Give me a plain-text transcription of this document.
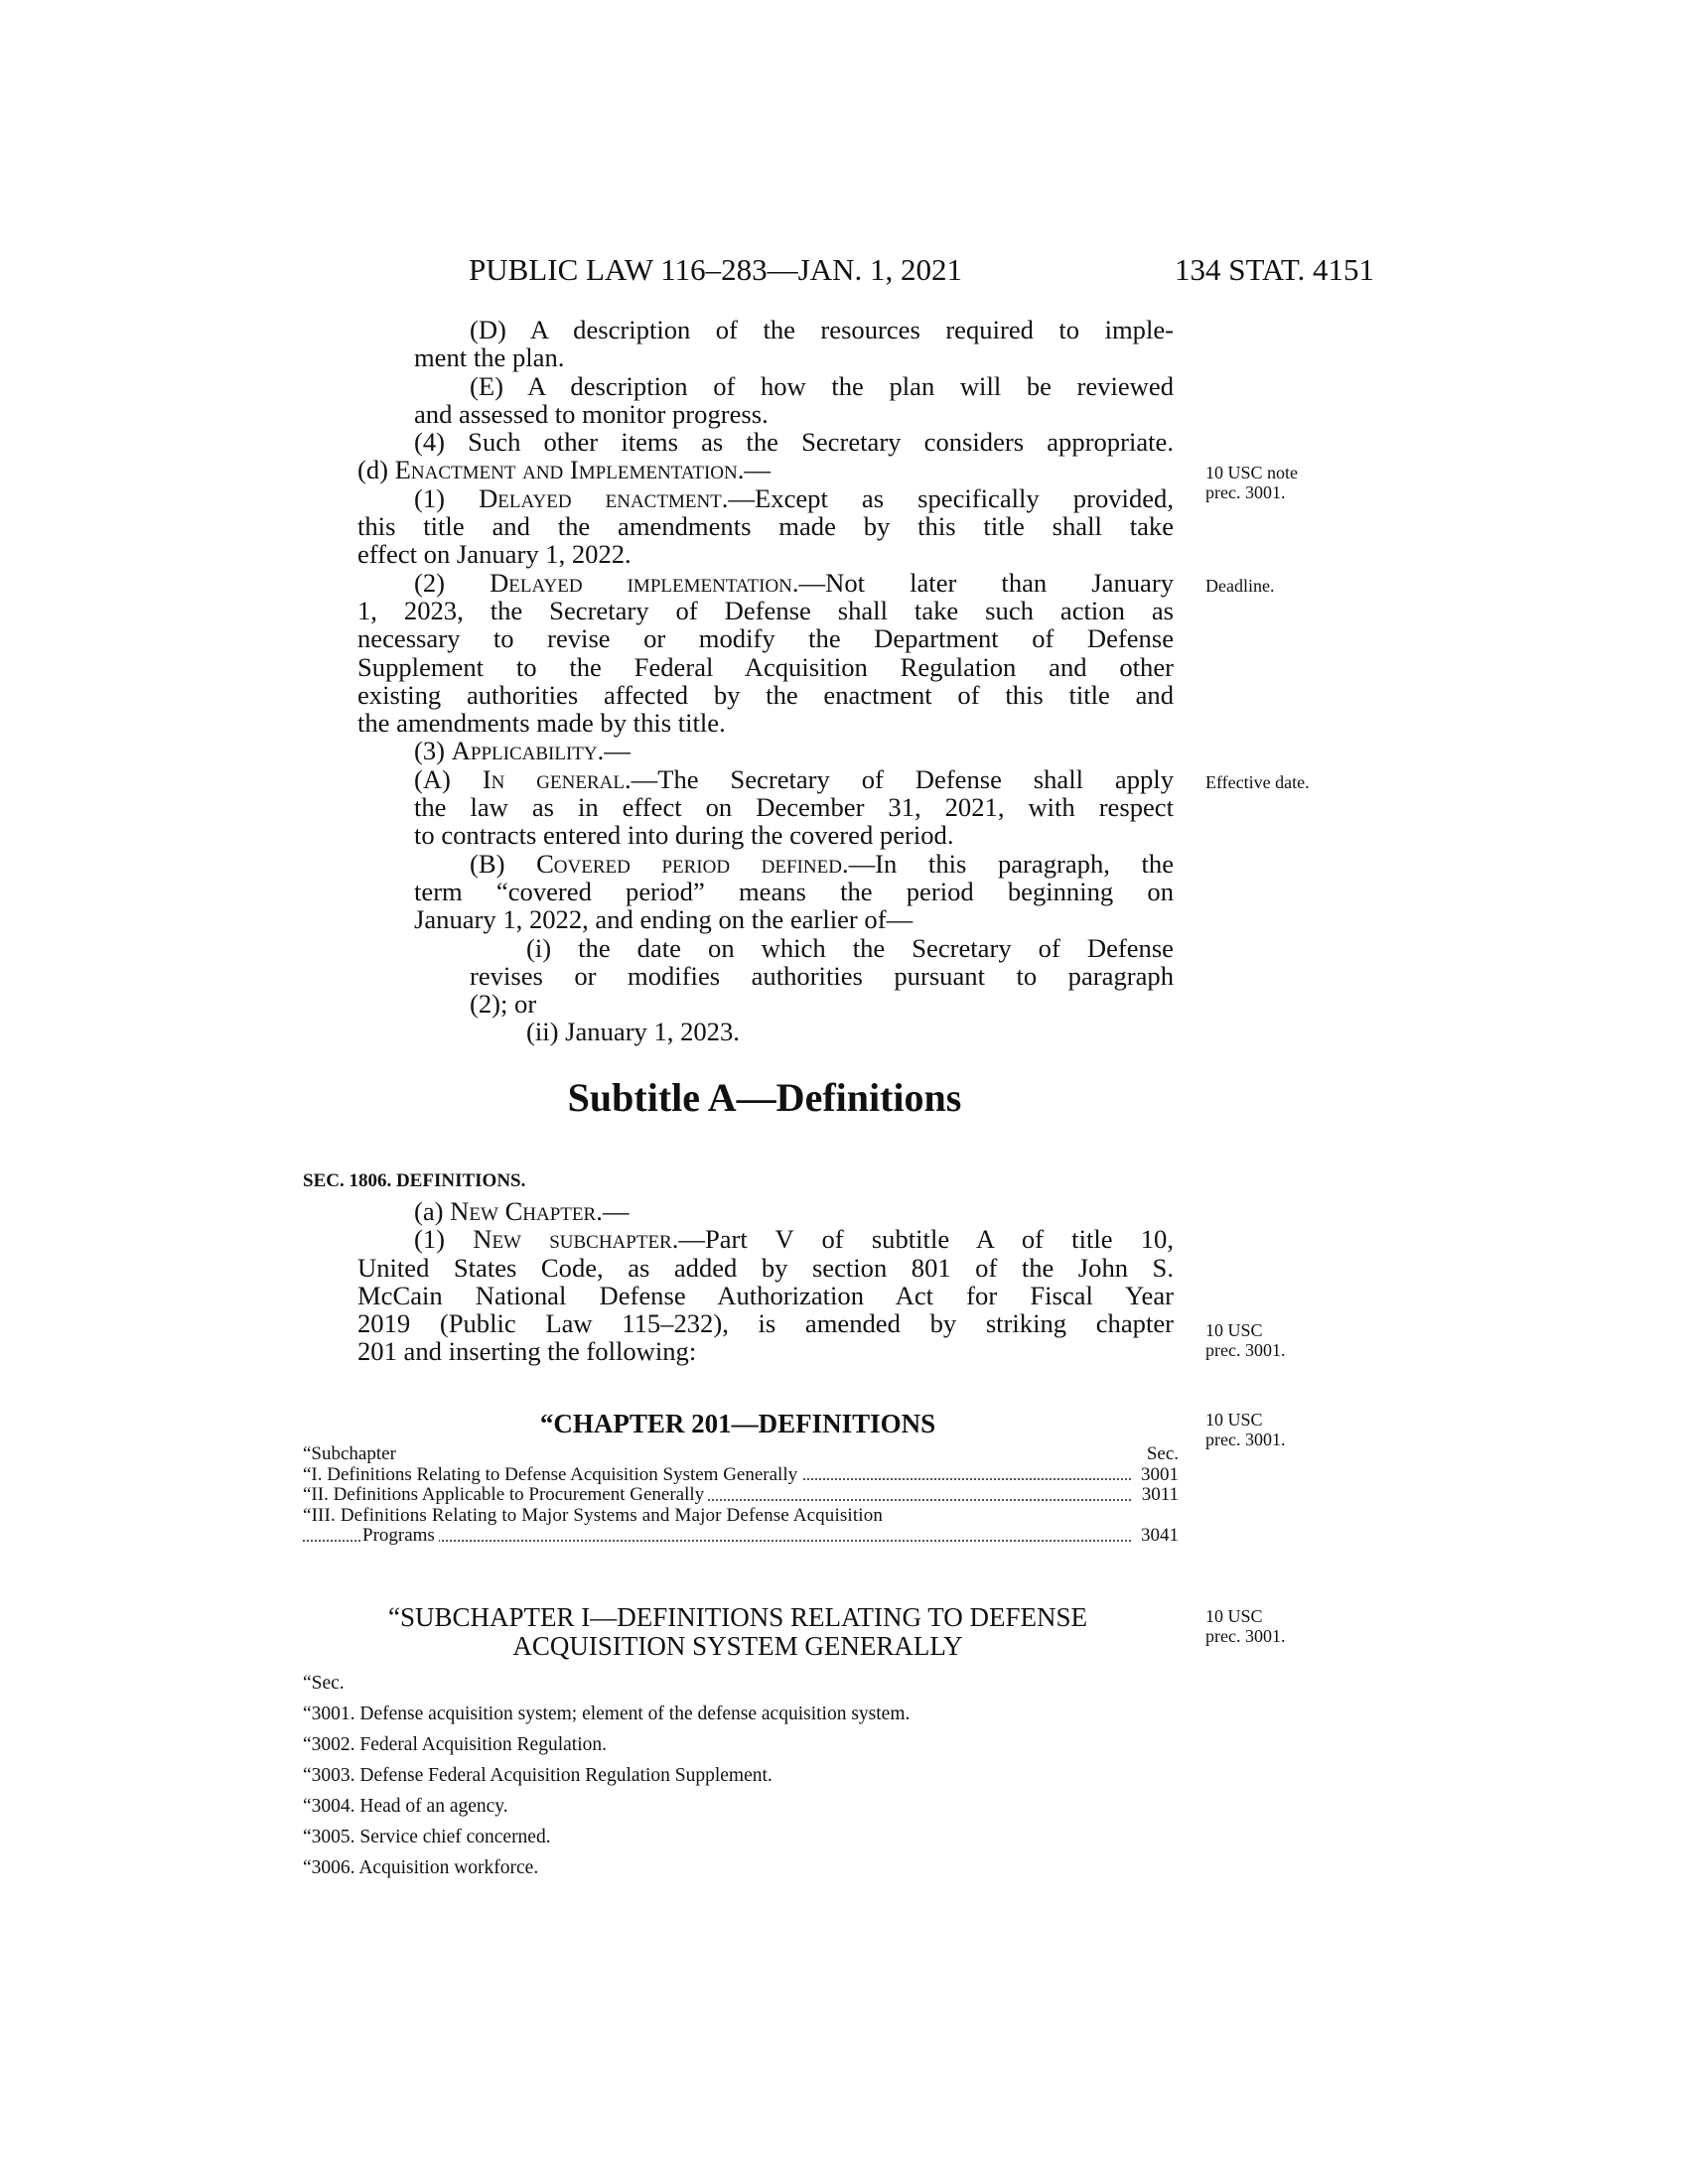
PUBLIC LAW 116–283—JAN. 1, 2021	134 STAT. 4151
(D) A description of the resources required to imple-
ment the plan.
(E) A description of how the plan will be reviewed
and assessed to monitor progress.
(4) Such other items as the Secretary considers appropriate.
(d) Enactment and Implementation.—
(1) Delayed enactment.—Except as specifically provided,
this title and the amendments made by this title shall take
effect on January 1, 2022.
(2) Delayed implementation.—Not later than January
1, 2023, the Secretary of Defense shall take such action as
necessary to revise or modify the Department of Defense
Supplement to the Federal Acquisition Regulation and other
existing authorities affected by the enactment of this title and
the amendments made by this title.
(3) Applicability.—
(A) In general.—The Secretary of Defense shall apply
the law as in effect on December 31, 2021, with respect
to contracts entered into during the covered period.
(B) Covered period defined.—In this paragraph, the
term “covered period” means the period beginning on
January 1, 2022, and ending on the earlier of—
(i) the date on which the Secretary of Defense
revises or modifies authorities pursuant to paragraph
(2); or
(ii) January 1, 2023.
Subtitle A—Definitions
SEC. 1806. DEFINITIONS.
(a) New Chapter.—
(1) New subchapter.—Part V of subtitle A of title 10,
United States Code, as added by section 801 of the John S.
McCain National Defense Authorization Act for Fiscal Year
2019 (Public Law 115–232), is amended by striking chapter
201 and inserting the following:
“CHAPTER 201—DEFINITIONS
“Subchapter	Sec.
“I. Definitions Relating to Defense Acquisition System Generally	3001
“II. Definitions Applicable to Procurement Generally	3011
“III. Definitions Relating to Major Systems and Major Defense Acquisition
Programs	3041
“SUBCHAPTER I—DEFINITIONS RELATING TO DEFENSE
ACQUISITION SYSTEM GENERALLY
“Sec.
“3001. Defense acquisition system; element of the defense acquisition system.
“3002. Federal Acquisition Regulation.
“3003. Defense Federal Acquisition Regulation Supplement.
“3004. Head of an agency.
“3005. Service chief concerned.
“3006. Acquisition workforce.
10 USC note
prec. 3001.
Deadline.
Effective date.
10 USC
prec. 3001.
10 USC
prec. 3001.
10 USC
prec. 3001.
